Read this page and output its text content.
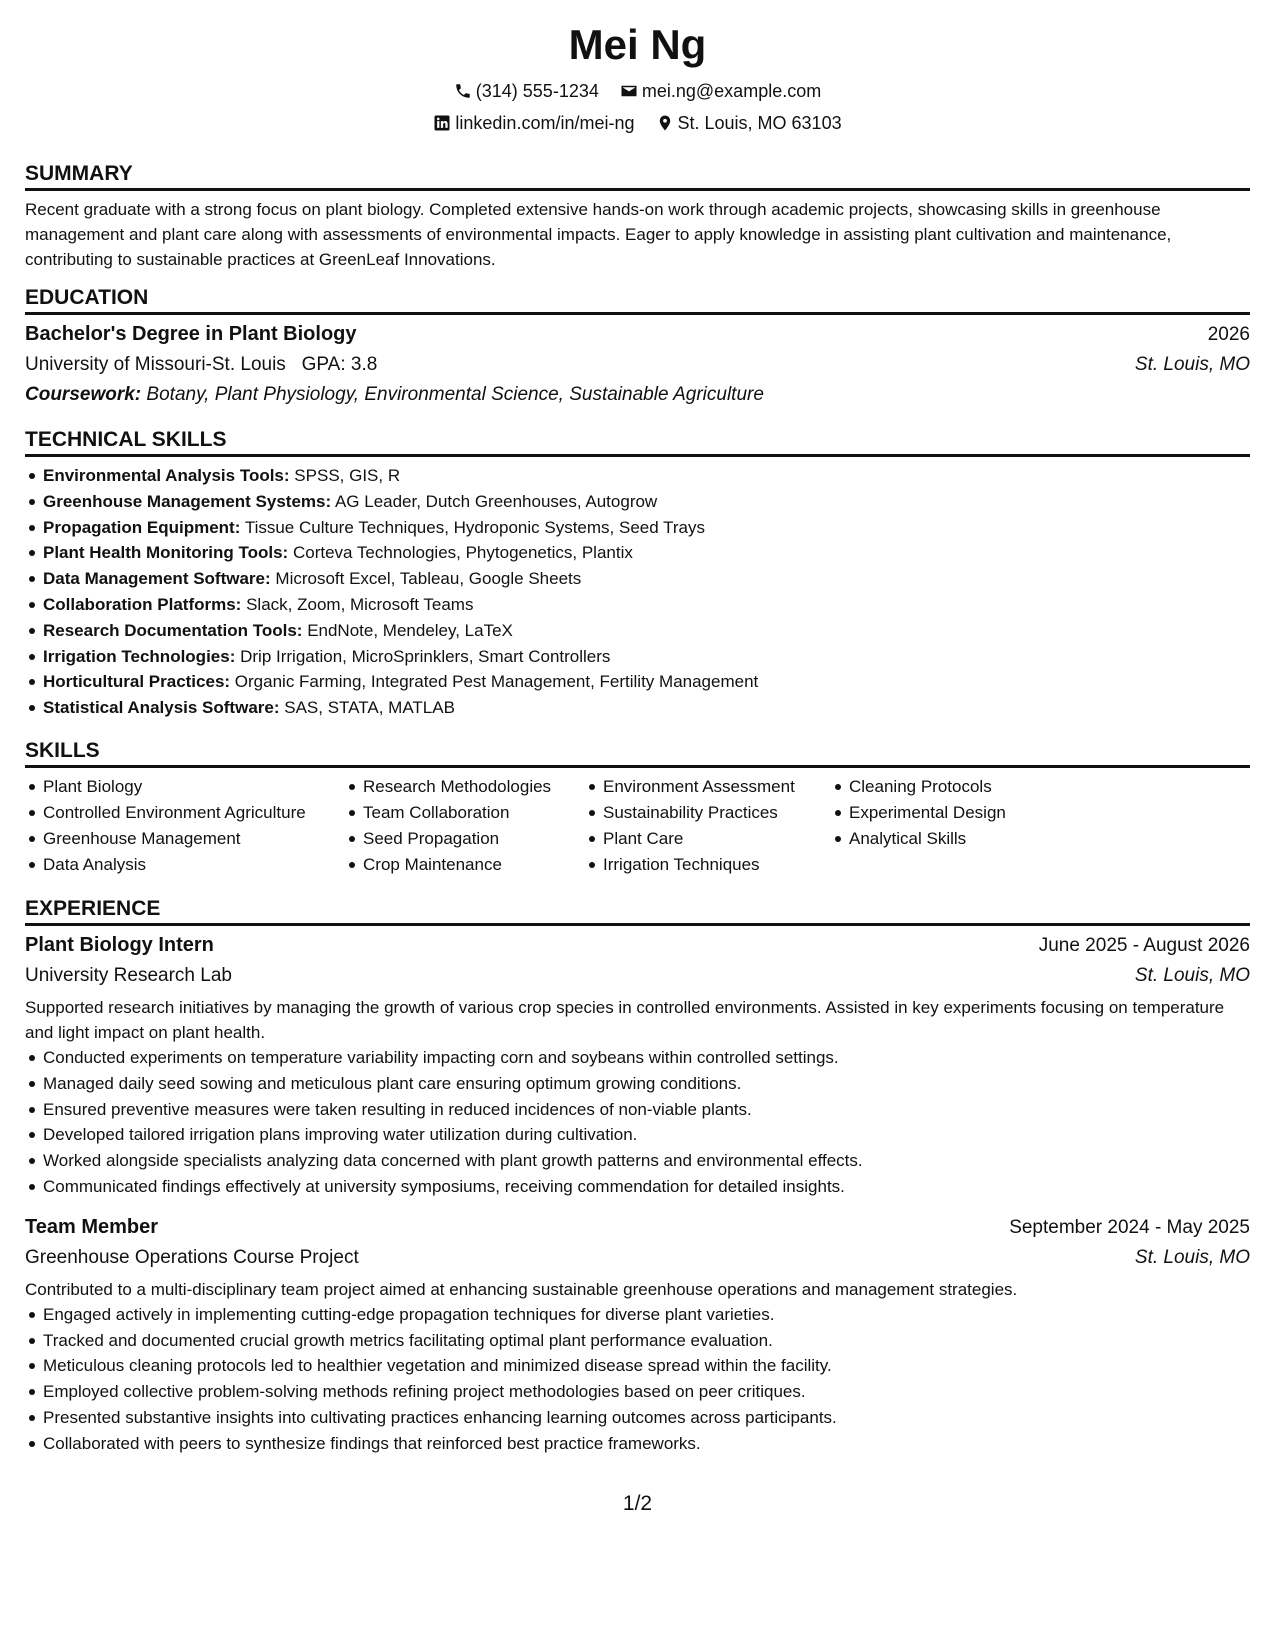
Mei Ng
(314) 555-1234
mei.ng@example.com
linkedin.com/in/mei-ng
St. Louis, MO 63103
SUMMARY

Recent graduate with a strong focus on plant biology. Completed extensive hands-on work through academic projects, showcasing skills in greenhouse management and plant care along with assessments of environmental impacts. Eager to apply knowledge in assisting plant cultivation and maintenance, contributing to sustainable practices at GreenLeaf Innovations.

EDUCATION
Bachelor's Degree in Plant Biology	2026
University of Missouri-St. Louis GPA: 3.8	St. Louis, MO
Coursework: Botany, Plant Physiology, Environmental Science, Sustainable Agriculture
TECHNICAL SKILLS
Environmental Analysis Tools: SPSS, GIS, R
Greenhouse Management Systems: AG Leader, Dutch Greenhouses, Autogrow
Propagation Equipment: Tissue Culture Techniques, Hydroponic Systems, Seed Trays
Plant Health Monitoring Tools: Corteva Technologies, Phytogenetics, Plantix
Data Management Software: Microsoft Excel, Tableau, Google Sheets
Collaboration Platforms: Slack, Zoom, Microsoft Teams
Research Documentation Tools: EndNote, Mendeley, LaTeX
Irrigation Technologies: Drip Irrigation, MicroSprinklers, Smart Controllers
Horticultural Practices: Organic Farming, Integrated Pest Management, Fertility Management
Statistical Analysis Software: SAS, STATA, MATLAB
SKILLS
Plant Biology
Controlled Environment Agriculture
Greenhouse Management
Data Analysis
Research Methodologies
Team Collaboration
Seed Propagation
Crop Maintenance
Environment Assessment
Sustainability Practices
Plant Care
Irrigation Techniques
Cleaning Protocols
Experimental Design
Analytical Skills
EXPERIENCE
Plant Biology Intern	June 2025 - August 2026
University Research Lab	St. Louis, MO

Supported research initiatives by managing the growth of various crop species in controlled environments. Assisted in key experiments focusing on temperature and light impact on plant health.

Conducted experiments on temperature variability impacting corn and soybeans within controlled settings.
Managed daily seed sowing and meticulous plant care ensuring optimum growing conditions.
Ensured preventive measures were taken resulting in reduced incidences of non-viable plants.
Developed tailored irrigation plans improving water utilization during cultivation.
Worked alongside specialists analyzing data concerned with plant growth patterns and environmental effects.
Communicated findings effectively at university symposiums, receiving commendation for detailed insights.
Team Member	September 2024 - May 2025
Greenhouse Operations Course Project	St. Louis, MO

Contributed to a multi-disciplinary team project aimed at enhancing sustainable greenhouse operations and management strategies.

Engaged actively in implementing cutting-edge propagation techniques for diverse plant varieties.
Tracked and documented crucial growth metrics facilitating optimal plant performance evaluation.
Meticulous cleaning protocols led to healthier vegetation and minimized disease spread within the facility.
Employed collective problem-solving methods refining project methodologies based on peer critiques.
Presented substantive insights into cultivating practices enhancing learning outcomes across participants.
Collaborated with peers to synthesize findings that reinforced best practice frameworks.
1/2
